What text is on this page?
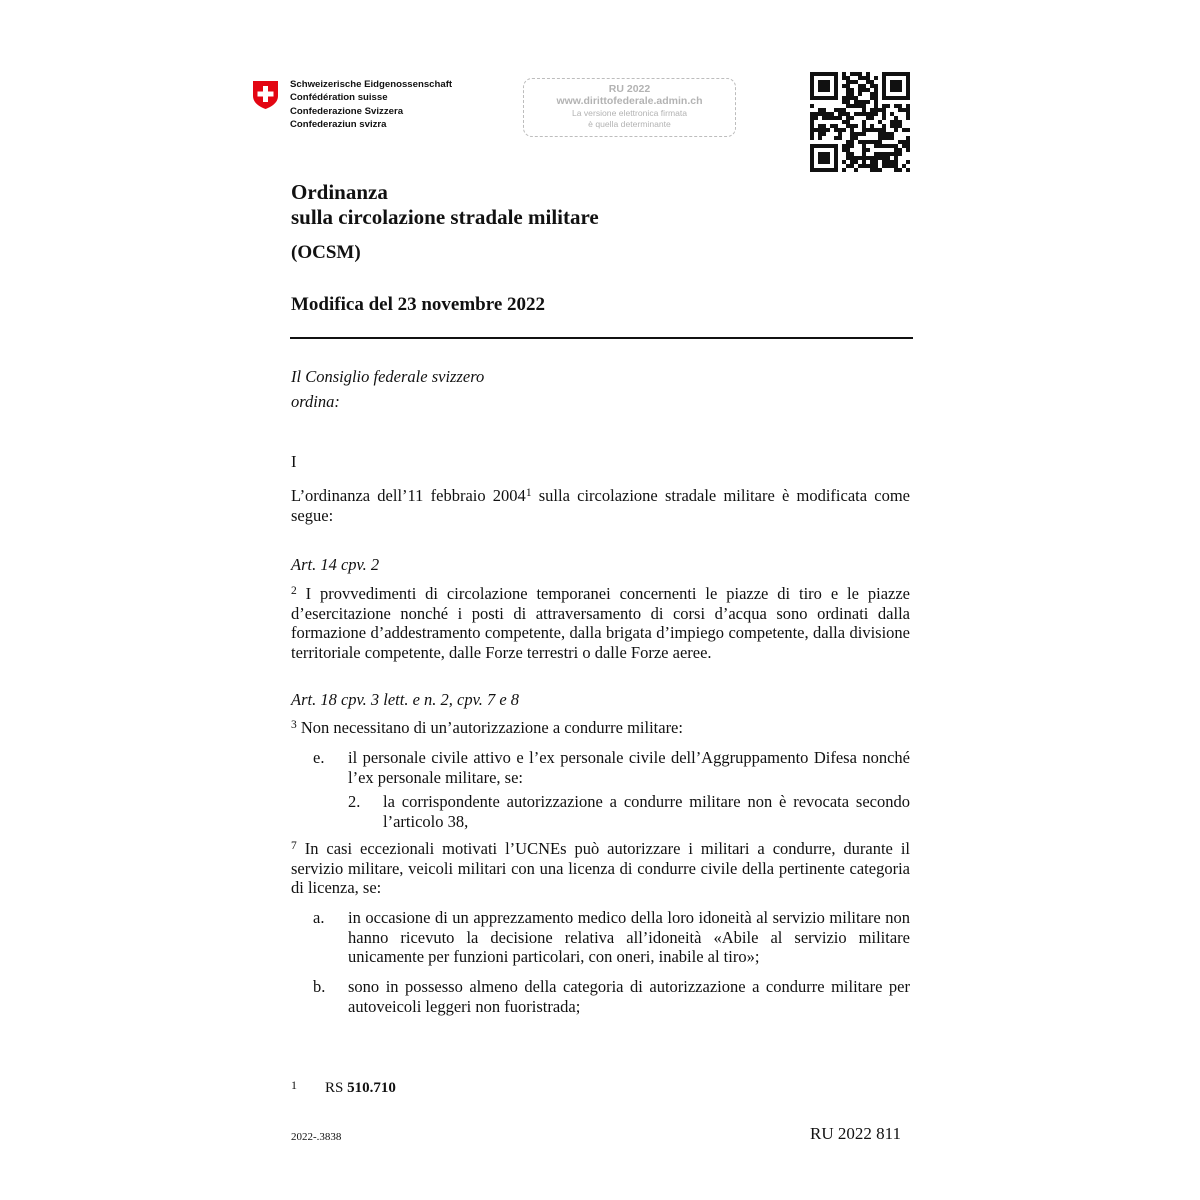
Schweizerische Eidgenossenschaft
Confédération suisse
Confederazione Svizzera
Confederaziun svizra
RU 2022
www.dirittofederale.admin.ch
La versione elettronica firmata
è quella determinante
Ordinanza
sulla circolazione stradale militare
(OCSM)
Modifica del 23 novembre 2022
Il Consiglio federale svizzero
ordina:
I
L’ordinanza dell’11 febbraio 2004$^1$ sulla circolazione stradale militare è modificata come segue:
Art. 14 cpv. 2
$^2$ I provvedimenti di circolazione temporanei concernenti le piazze di tiro e le piazze d’esercitazione nonché i posti di attraversamento di corsi d’acqua sono ordinati dalla formazione d’addestramento competente, dalla brigata d’impiego competente, dalla divisione territoriale competente, dalle Forze terrestri o dalle Forze aeree.
Art. 18 cpv. 3 lett. e n. 2, cpv. 7 e 8
$^3$ Non necessitano di un’autorizzazione a condurre militare:
e. il personale civile attivo e l’ex personale civile dell’Aggruppamento Difesa nonché l’ex personale militare, se:
2. la corrispondente autorizzazione a condurre militare non è revocata secondo l’articolo 38,
$^7$ In casi eccezionali motivati l’UCNEs può autorizzare i militari a condurre, durante il servizio militare, veicoli militari con una licenza di condurre civile della pertinente categoria di licenza, se:
a. in occasione di un apprezzamento medico della loro idoneità al servizio militare non hanno ricevuto la decisione relativa all’idoneità «Abile al servizio militare unicamente per funzioni particolari, con oneri, inabile al tiro»;
b. sono in possesso almeno della categoria di autorizzazione a condurre militare per autoveicoli leggeri non fuoristrada;
1 RS 510.710
2022-.3838	RU 2022 811
